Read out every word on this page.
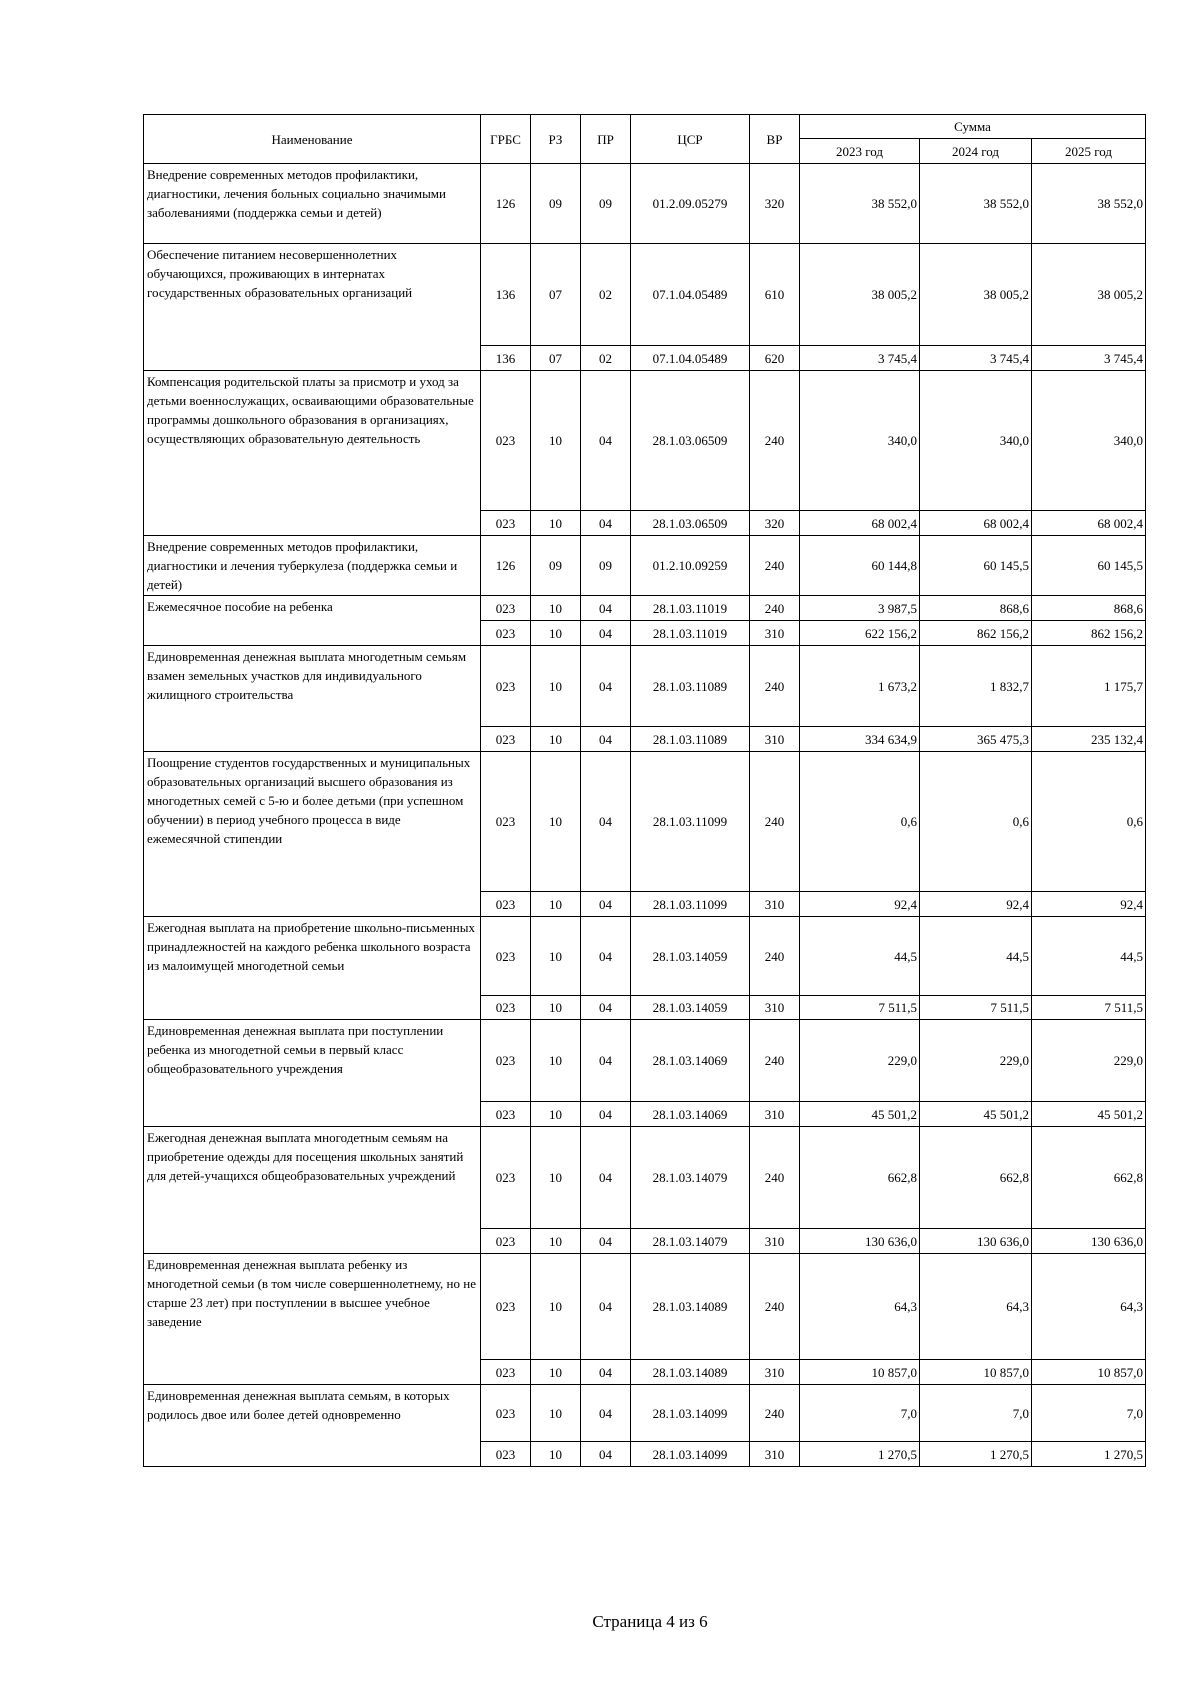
Наименование	ГРБС	РЗ	ПР	ЦСР	ВР	Сумма		
						2023 год	2024 год	2025 год
Внедрение современных методов профилактики, диагностики, лечения больных социально значимыми заболеваниями (поддержка семьи и детей)	126	09	09	01.2.09.05279	320	38 552,0	38 552,0	38 552,0
Обеспечение питанием несовершеннолетних обучающихся, проживающих в интернатах государственных образовательных организаций	136	07	02	07.1.04.05489	610	38 005,2	38 005,2	38 005,2
	136	07	02	07.1.04.05489	620	3 745,4	3 745,4	3 745,4
Компенсация родительской платы за присмотр и уход за детьми военнослужащих, осваивающими образовательные программы дошкольного образования в организациях, осуществляющих образовательную деятельность	023	10	04	28.1.03.06509	240	340,0	340,0	340,0
	023	10	04	28.1.03.06509	320	68 002,4	68 002,4	68 002,4
Внедрение современных методов профилактики, диагностики и лечения туберкулеза (поддержка семьи и детей)	126	09	09	01.2.10.09259	240	60 144,8	60 145,5	60 145,5
Ежемесячное пособие на ребенка	023	10	04	28.1.03.11019	240	3 987,5	868,6	868,6
	023	10	04	28.1.03.11019	310	622 156,2	862 156,2	862 156,2
Единовременная денежная выплата многодетным семьям взамен земельных участков для индивидуального жилищного строительства	023	10	04	28.1.03.11089	240	1 673,2	1 832,7	1 175,7
	023	10	04	28.1.03.11089	310	334 634,9	365 475,3	235 132,4
Поощрение студентов государственных и муниципальных образовательных организаций высшего образования из многодетных семей с 5-ю и более детьми (при успешном обучении) в период учебного процесса в виде ежемесячной стипендии	023	10	04	28.1.03.11099	240	0,6	0,6	0,6
	023	10	04	28.1.03.11099	310	92,4	92,4	92,4
Ежегодная выплата на приобретение школьно-письменных принадлежностей на каждого ребенка школьного возраста из малоимущей многодетной семьи	023	10	04	28.1.03.14059	240	44,5	44,5	44,5
	023	10	04	28.1.03.14059	310	7 511,5	7 511,5	7 511,5
Единовременная денежная выплата при поступлении ребенка из многодетной семьи в первый класс общеобразовательного учреждения	023	10	04	28.1.03.14069	240	229,0	229,0	229,0
	023	10	04	28.1.03.14069	310	45 501,2	45 501,2	45 501,2
Ежегодная денежная выплата многодетным семьям на приобретение одежды для посещения школьных занятий для детей-учащихся общеобразовательных учреждений	023	10	04	28.1.03.14079	240	662,8	662,8	662,8
	023	10	04	28.1.03.14079	310	130 636,0	130 636,0	130 636,0
Единовременная денежная выплата ребенку из многодетной семьи (в том числе совершеннолетнему, но не старше 23 лет) при поступлении в высшее учебное заведение	023	10	04	28.1.03.14089	240	64,3	64,3	64,3
	023	10	04	28.1.03.14089	310	10 857,0	10 857,0	10 857,0
Единовременная денежная выплата семьям, в которых родилось двое или более детей одновременно	023	10	04	28.1.03.14099	240	7,0	7,0	7,0
	023	10	04	28.1.03.14099	310	1 270,5	1 270,5	1 270,5
Страница 4 из 6
